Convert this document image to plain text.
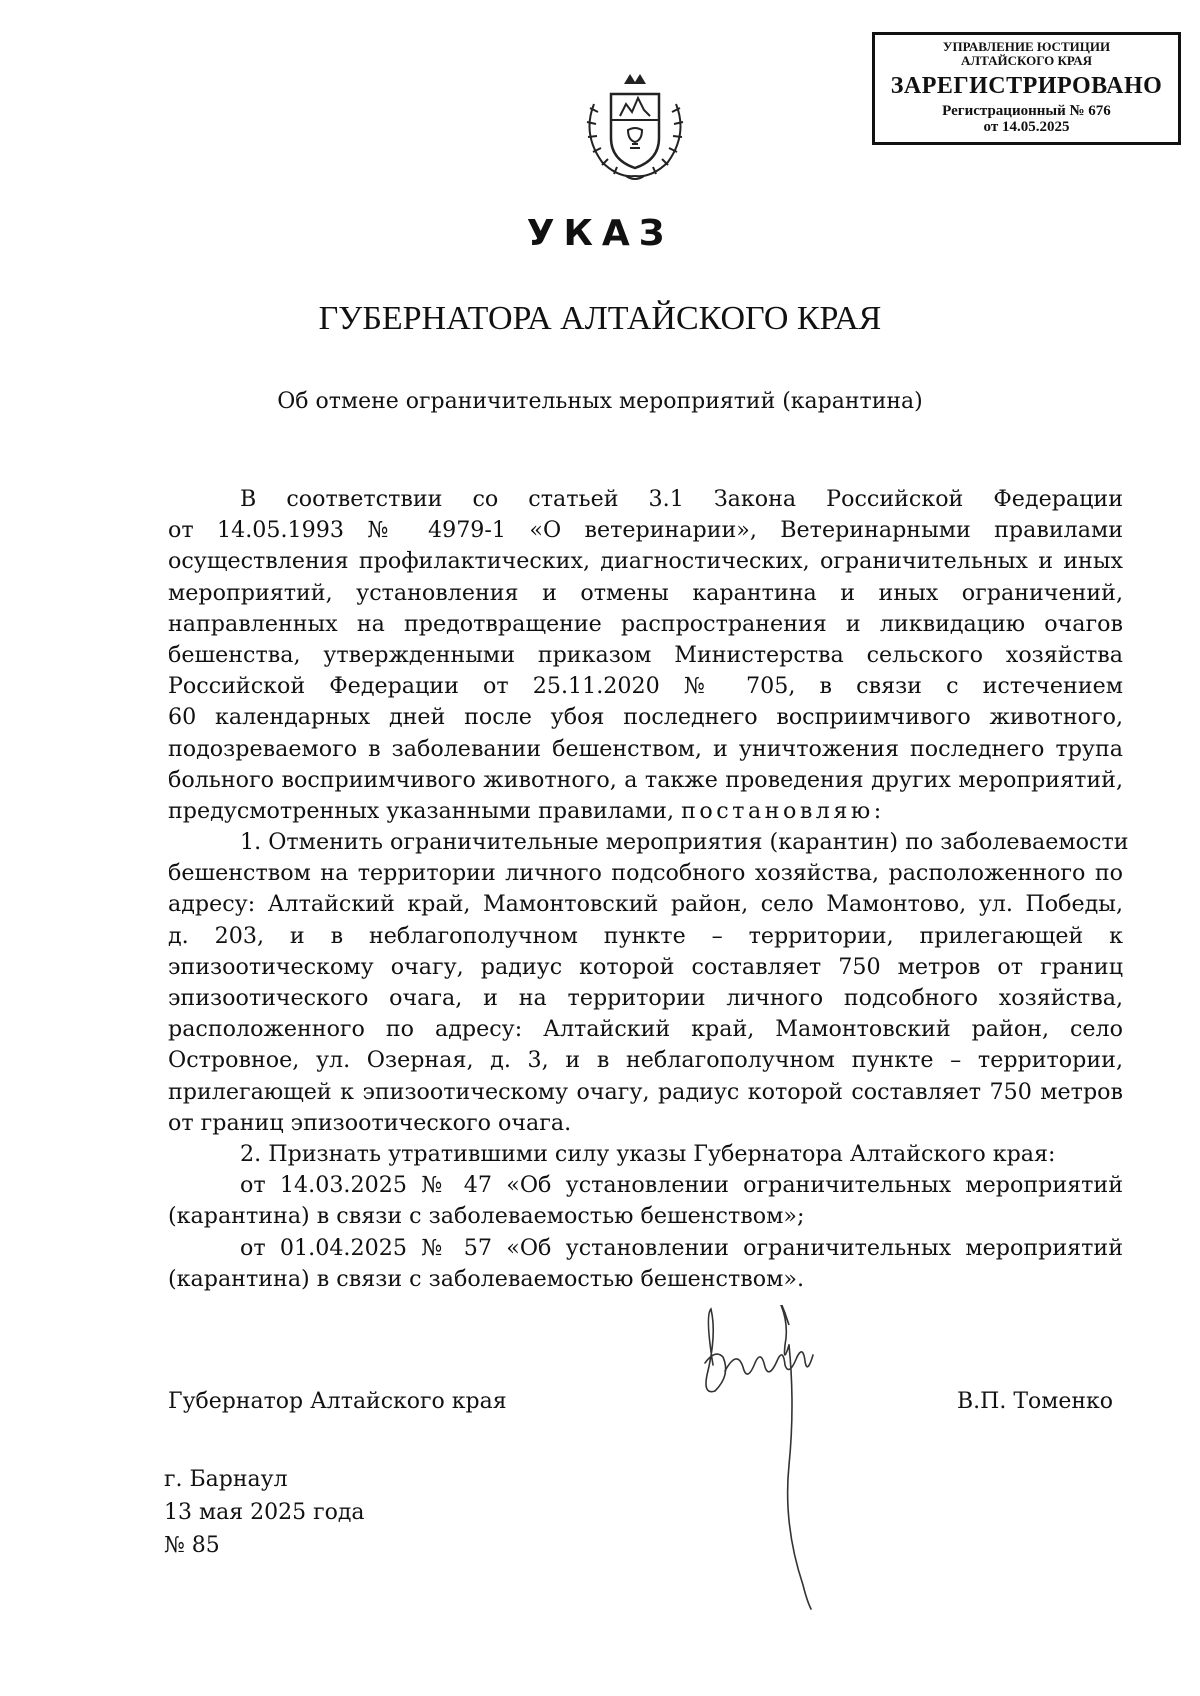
УПРАВЛЕНИЕ ЮСТИЦИИ
АЛТАЙСКОГО КРАЯ
ЗАРЕГИСТРИРОВАНО
Регистрационный № 676
от 14.05.2025
УКАЗ
ГУБЕРНАТОРА АЛТАЙСКОГО КРАЯ
Об отмене ограничительных мероприятий (карантина)
В соответствии со статьей 3.1 Закона Российской Федерации
от 14.05.1993 № 4979-1 «О ветеринарии», Ветеринарными правилами
осуществления профилактических, диагностических, ограничительных и иных
мероприятий, установления и отмены карантина и иных ограничений,
направленных на предотвращение распространения и ликвидацию очагов
бешенства, утвержденными приказом Министерства сельского хозяйства
Российской Федерации от 25.11.2020 № 705, в связи с истечением
60 календарных дней после убоя последнего восприимчивого животного,
подозреваемого в заболевании бешенством, и уничтожения последнего трупа
больного восприимчивого животного, а также проведения других мероприятий,
предусмотренных указанными правилами, постановляю:
1. Отменить ограничительные мероприятия (карантин) по заболеваемости
бешенством на территории личного подсобного хозяйства, расположенного по
адресу: Алтайский край, Мамонтовский район, село Мамонтово, ул. Победы,
д. 203, и в неблагополучном пункте – территории, прилегающей к
эпизоотическому очагу, радиус которой составляет 750 метров от границ
эпизоотического очага, и на территории личного подсобного хозяйства,
расположенного по адресу: Алтайский край, Мамонтовский район, село
Островное, ул. Озерная, д. 3, и в неблагополучном пункте – территории,
прилегающей к эпизоотическому очагу, радиус которой составляет 750 метров
от границ эпизоотического очага.
2. Признать утратившими силу указы Губернатора Алтайского края:
от 14.03.2025 № 47 «Об установлении ограничительных мероприятий
(карантина) в связи с заболеваемостью бешенством»;
от 01.04.2025 № 57 «Об установлении ограничительных мероприятий
(карантина) в связи с заболеваемостью бешенством».
Губернатор Алтайского края	В.П. Томенко
г. Барнаул
13 мая 2025 года
№ 85
